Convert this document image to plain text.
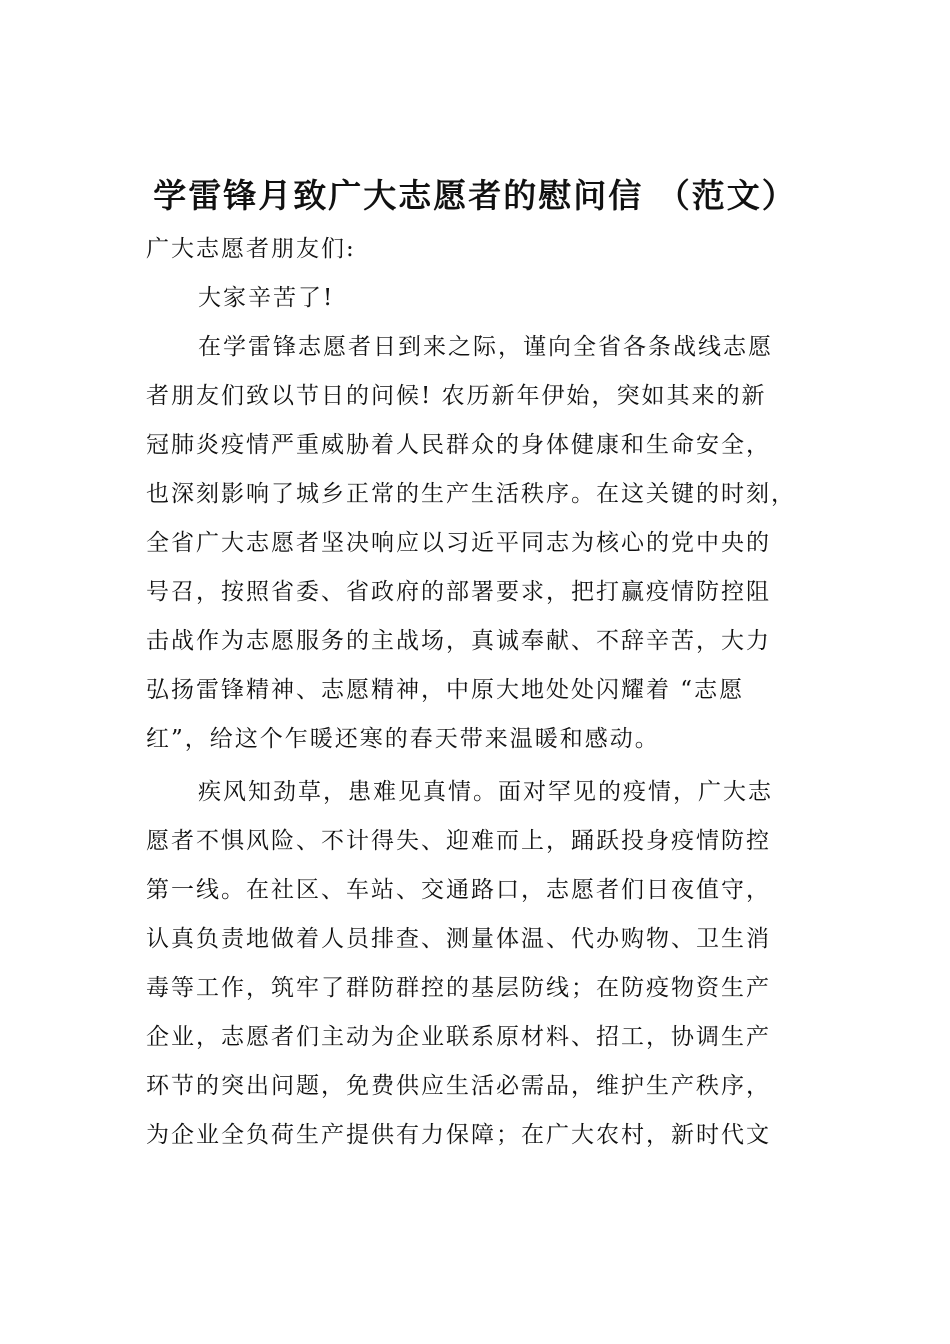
学雷锋月致广大志愿者的慰问信 （范文）
广大志愿者朋友们:
大家辛苦了!
在学雷锋志愿者日到来之际，谨向全省各条战线志愿
者朋友们致以节日的问候! 农历新年伊始，突如其来的新
冠肺炎疫情严重威胁着人民群众的身体健康和生命安全，
也深刻影响了城乡正常的生产生活秩序。在这关键的时刻，
全省广大志愿者坚决响应以习近平同志为核心的党中央的
号召，按照省委、省政府的部署要求，把打赢疫情防控阻
击战作为志愿服务的主战场，真诚奉献、不辞辛苦，大力
弘扬雷锋精神、志愿精神，中原大地处处闪耀着 “志愿
红”，给这个乍暖还寒的春天带来温暖和感动。
疾风知劲草，患难见真情。面对罕见的疫情，广大志
愿者不惧风险、不计得失、迎难而上，踊跃投身疫情防控
第一线。在社区、车站、交通路口，志愿者们日夜值守，
认真负责地做着人员排查、测量体温、代办购物、卫生消
毒等工作，筑牢了群防群控的基层防线；在防疫物资生产
企业，志愿者们主动为企业联系原材料、招工，协调生产
环节的突出问题，免费供应生活必需品，维护生产秩序，
为企业全负荷生产提供有力保障；在广大农村，新时代文
